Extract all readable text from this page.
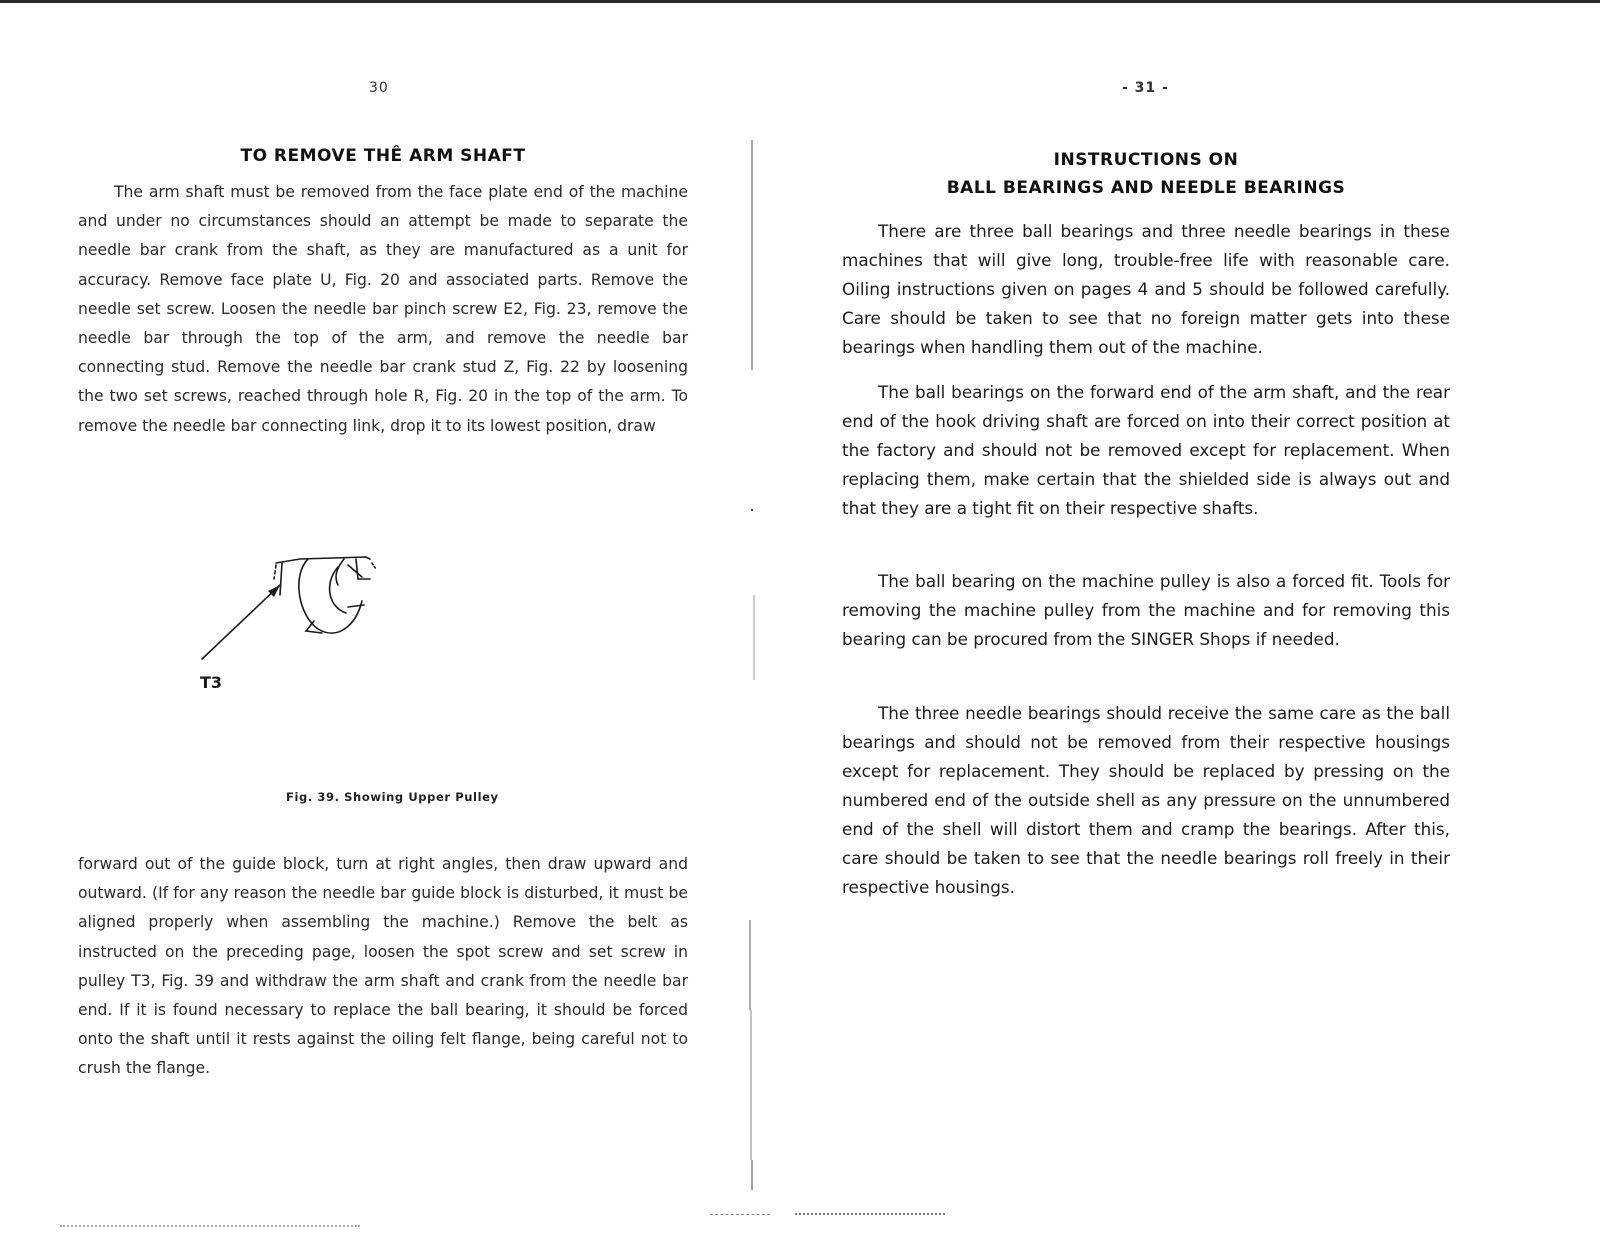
30
TO REMOVE THÊ ARM SHAFT

The arm shaft must be removed from the face plate end of the machine and under no circumstances should an attempt be made to separate the needle bar crank from the shaft, as they are manufactured as a unit for accuracy. Remove face plate U, Fig. 20 and associated parts. Remove the needle set screw. Loosen the needle bar pinch screw E2, Fig. 23, remove the needle bar through the top of the arm, and remove the needle bar connecting stud. Remove the needle bar crank stud Z, Fig. 22 by loosening the two set screws, reached through hole R, Fig. 20 in the top of the arm. To remove the needle bar connecting link, drop it to its lowest position, draw

T3
Fig. 39. Showing Upper Pulley

forward out of the guide block, turn at right angles, then draw upward and outward. (If for any reason the needle bar guide block is disturbed, it must be aligned properly when assembling the machine.) Remove the belt as instructed on the preceding page, loosen the spot screw and set screw in pulley T3, Fig. 39 and withdraw the arm shaft and crank from the needle bar end. If it is found necessary to replace the ball bearing, it should be forced onto the shaft until it rests against the oiling felt flange, being careful not to crush the flange.

- 31 -
INSTRUCTIONS ON
BALL BEARINGS AND NEEDLE BEARINGS

There are three ball bearings and three needle bearings in these machines that will give long, trouble-free life with reasonable care. Oiling instructions given on pages 4 and 5 should be followed carefully. Care should be taken to see that no foreign matter gets into these bearings when handling them out of the machine.

The ball bearings on the forward end of the arm shaft, and the rear end of the hook driving shaft are forced on into their correct position at the factory and should not be removed except for replacement. When replacing them, make certain that the shielded side is always out and that they are a tight fit on their respective shafts.

The ball bearing on the machine pulley is also a forced fit. Tools for removing the machine pulley from the machine and for removing this bearing can be procured from the SINGER Shops if needed.

The three needle bearings should receive the same care as the ball bearings and should not be removed from their respective housings except for replacement. They should be replaced by pressing on the numbered end of the outside shell as any pressure on the unnumbered end of the shell will distort them and cramp the bearings. After this, care should be taken to see that the needle bearings roll freely in their respective housings.
